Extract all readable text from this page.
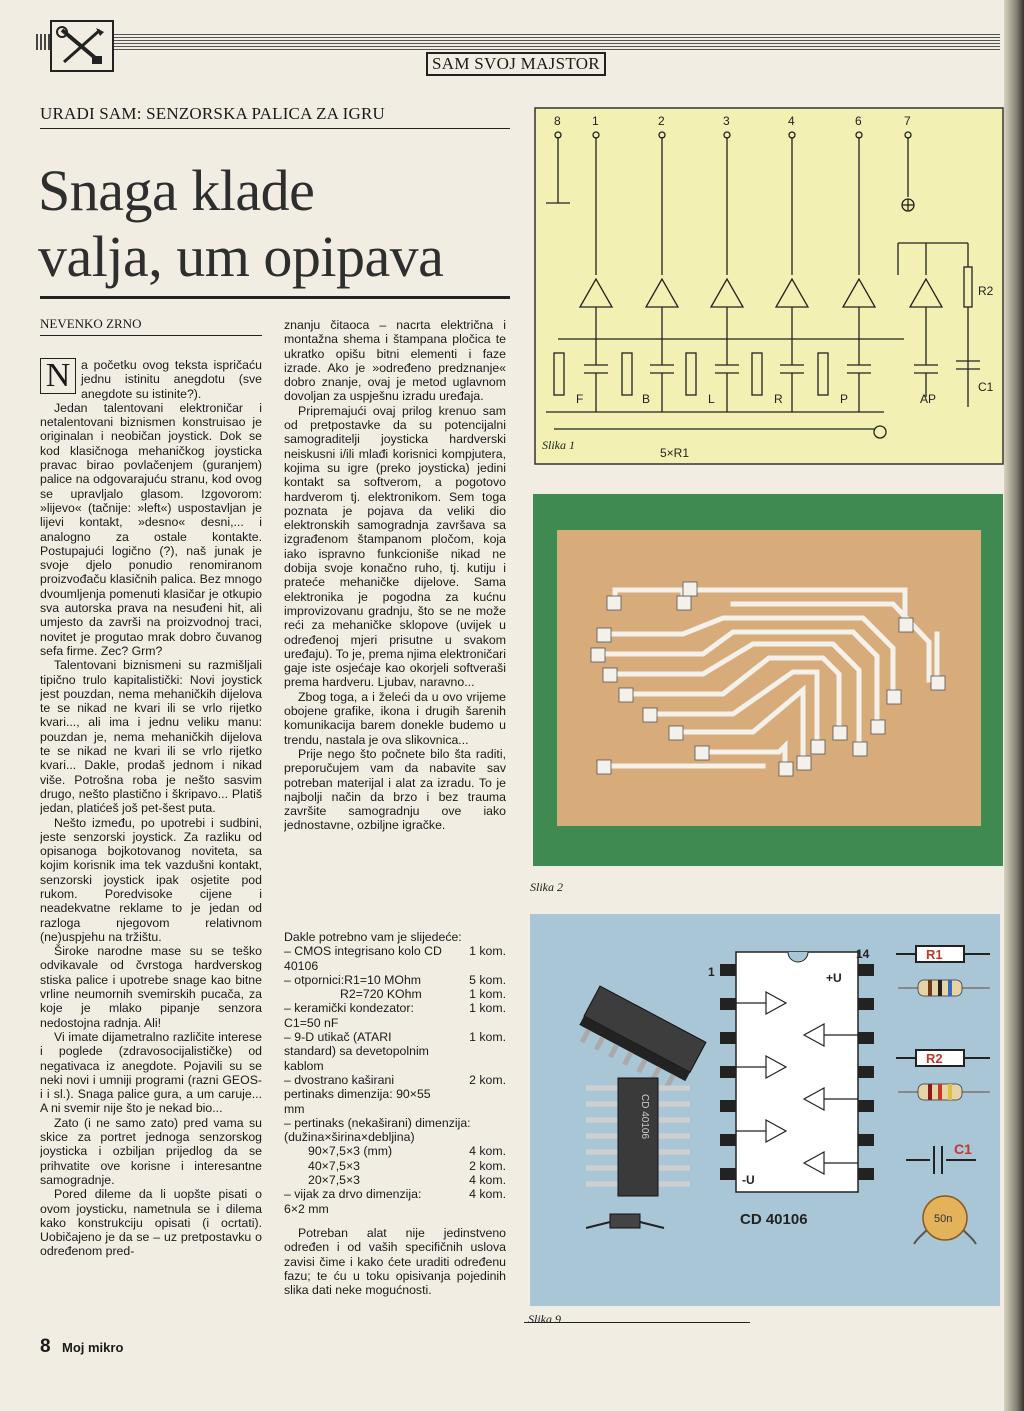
SAM SVOJ MAJSTOR
URADI SAM: SENZORSKA PALICA ZA IGRU
Snaga klade
valja, um opipava
NEVENKO ZRNO

N a početku ovog teksta ispričaću jednu istinitu anegdotu (sve anegdote su istinite?).

Jedan talentovani elektroničar i netalentovani biznismen konstruisao je originalan i neobičan joystick. Dok se kod klasičnoga mehaničkog joysticka pravac birao povlačenjem (guranjem) palice na odgovarajuću stranu, kod ovog se upravljalo glasom. Izgovorom: »lijevo« (tačnije: »left«) uspostavljan je lijevi kontakt, »desno« desni,... i analogno za ostale kontakte. Postupajući logično (?), naš junak je svoje djelo ponudio renomiranom proizvođaču klasičnih palica. Bez mnogo dvoumljenja pomenuti klasičar je otkupio sva autorska prava na nesuđeni hit, ali umjesto da završi na proizvodnoj traci, novitet je progutao mrak dobro čuvanog sefa firme. Zec? Grm?

Talentovani biznismeni su razmišljali tipično trulo kapitalistički: Novi joystick jest pouzdan, nema mehaničkih dijelova te se nikad ne kvari ili se vrlo rijetko kvari..., ali ima i jednu veliku manu: pouzdan je, nema mehaničkih dijelova te se nikad ne kvari ili se vrlo rijetko kvari... Dakle, prodaš jednom i nikad više. Potrošna roba je nešto sasvim drugo, nešto plastično i škripavo... Platiš jedan, platićeš još pet-šest puta.

Nešto između, po upotrebi i sudbini, jeste senzorski joystick. Za razliku od opisanoga bojkotovanog noviteta, sa kojim korisnik ima tek vazdušni kontakt, senzorski joystick ipak osjetite pod rukom. Poredvisoke cijene i neadekvatne reklame to je jedan od razloga njegovom relativnom (ne)uspjehu na tržištu.

Široke narodne mase su se teško odvikavale od čvrstoga hardverskog stiska palice i upotrebe snage kao bitne vrline neumornih svemirskih pucača, za koje je mlako pipanje senzora nedostojna radnja. Ali!

Vi imate dijametralno različite interese i poglede (zdravosocijalističke) od negativaca iz anegdote. Pojavili su se neki novi i umniji programi (razni GEOS-i i sl.). Snaga palice gura, a um caruje... A ni svemir nije što je nekad bio...

Zato (i ne samo zato) pred vama su skice za portret jednoga senzorskog joysticka i ozbiljan prijedlog da se prihvatite ove korisne i interesantne samogradnje.

Pored dileme da li uopšte pisati o ovom joysticku, nametnula se i dilema kako konstrukciju opisati (i ocrtati). Uobičajeno je da se – uz pretpostavku o određenom pred-

znanju čitaoca – nacrta električna i montažna shema i štampana pločica te ukratko opišu bitni elementi i faze izrade. Ako je »određeno predznanje« dobro znanje, ovaj je metod uglavnom dovoljan za uspješnu izradu uređaja.

Pripremajući ovaj prilog krenuo sam od pretpostavke da su potencijalni samograditelji joysticka hardverski neiskusni i/ili mlađi korisnici kompjutera, kojima su igre (preko joysticka) jedini kontakt sa softverom, a pogotovo hardverom tj. elektronikom. Sem toga poznata je pojava da veliki dio elektronskih samogradnja završava sa izgrađenom štampanom pločom, koja iako ispravno funkcioniše nikad ne dobija svoje konačno ruho, tj. kutiju i prateće mehaničke dijelove. Sama elektronika je pogodna za kućnu improvizovanu gradnju, što se ne može reći za mehaničke sklopove (uvijek u određenoj mjeri prisutne u svakom uređaju). To je, prema njima elektroničari gaje iste osjećaje kao okorjeli softveraši prema hardveru. Ljubav, naravno...

Zbog toga, a i želeći da u ovo vrijeme obojene grafike, ikona i drugih šarenih komunikacija barem donekle budemo u trendu, nastala je ova slikovnica...

Prije nego što počnete bilo šta raditi, preporučujem vam da nabavite sav potreban materijal i alat za izradu. To je najbolji način da brzo i bez trauma završite samogradnju ove iako jednostavne, ozbiljne igračke.

Dakle potrebno vam je slijedeće:
– CMOS integrisano kolo CD 40106
1 kom.
– otpornici:R1=10 MOhm	5 kom.
R2=720 KOhm	1 kom.
– keramički kondezator: C1=50 nF
1 kom.
– 9-D utikač (ATARI standard) sa devetopolnim kablom
1 kom.
– dvostrano kaširani pertinaks dimenzija: 90×55 mm
2 kom.
– pertinaks (nekaširani) dimenzija: (dužina×širina×debljina)
90×7,5×3 (mm)	4 kom.
40×7,5×3	2 kom.
20×7,5×3	4 kom.
– vijak za drvo dimenzija: 6×2 mm
4 kom.

Potreban alat nije jedinstveno određen i od vaših specifičnih uslova zavisi čime i kako ćete uraditi određenu fazu; te ću u toku opisivanja pojedinih slika dati neke mogućnosti.

8	1	2	3	4	6	7
F	B	L	R	P	AP
R2
C1
5×R1
Slika 1
Slika 2
CD 40106
1
14
+U
-U
CD 40106
R1
R2
C1
50n
Slika 9
8 Moj mikro
